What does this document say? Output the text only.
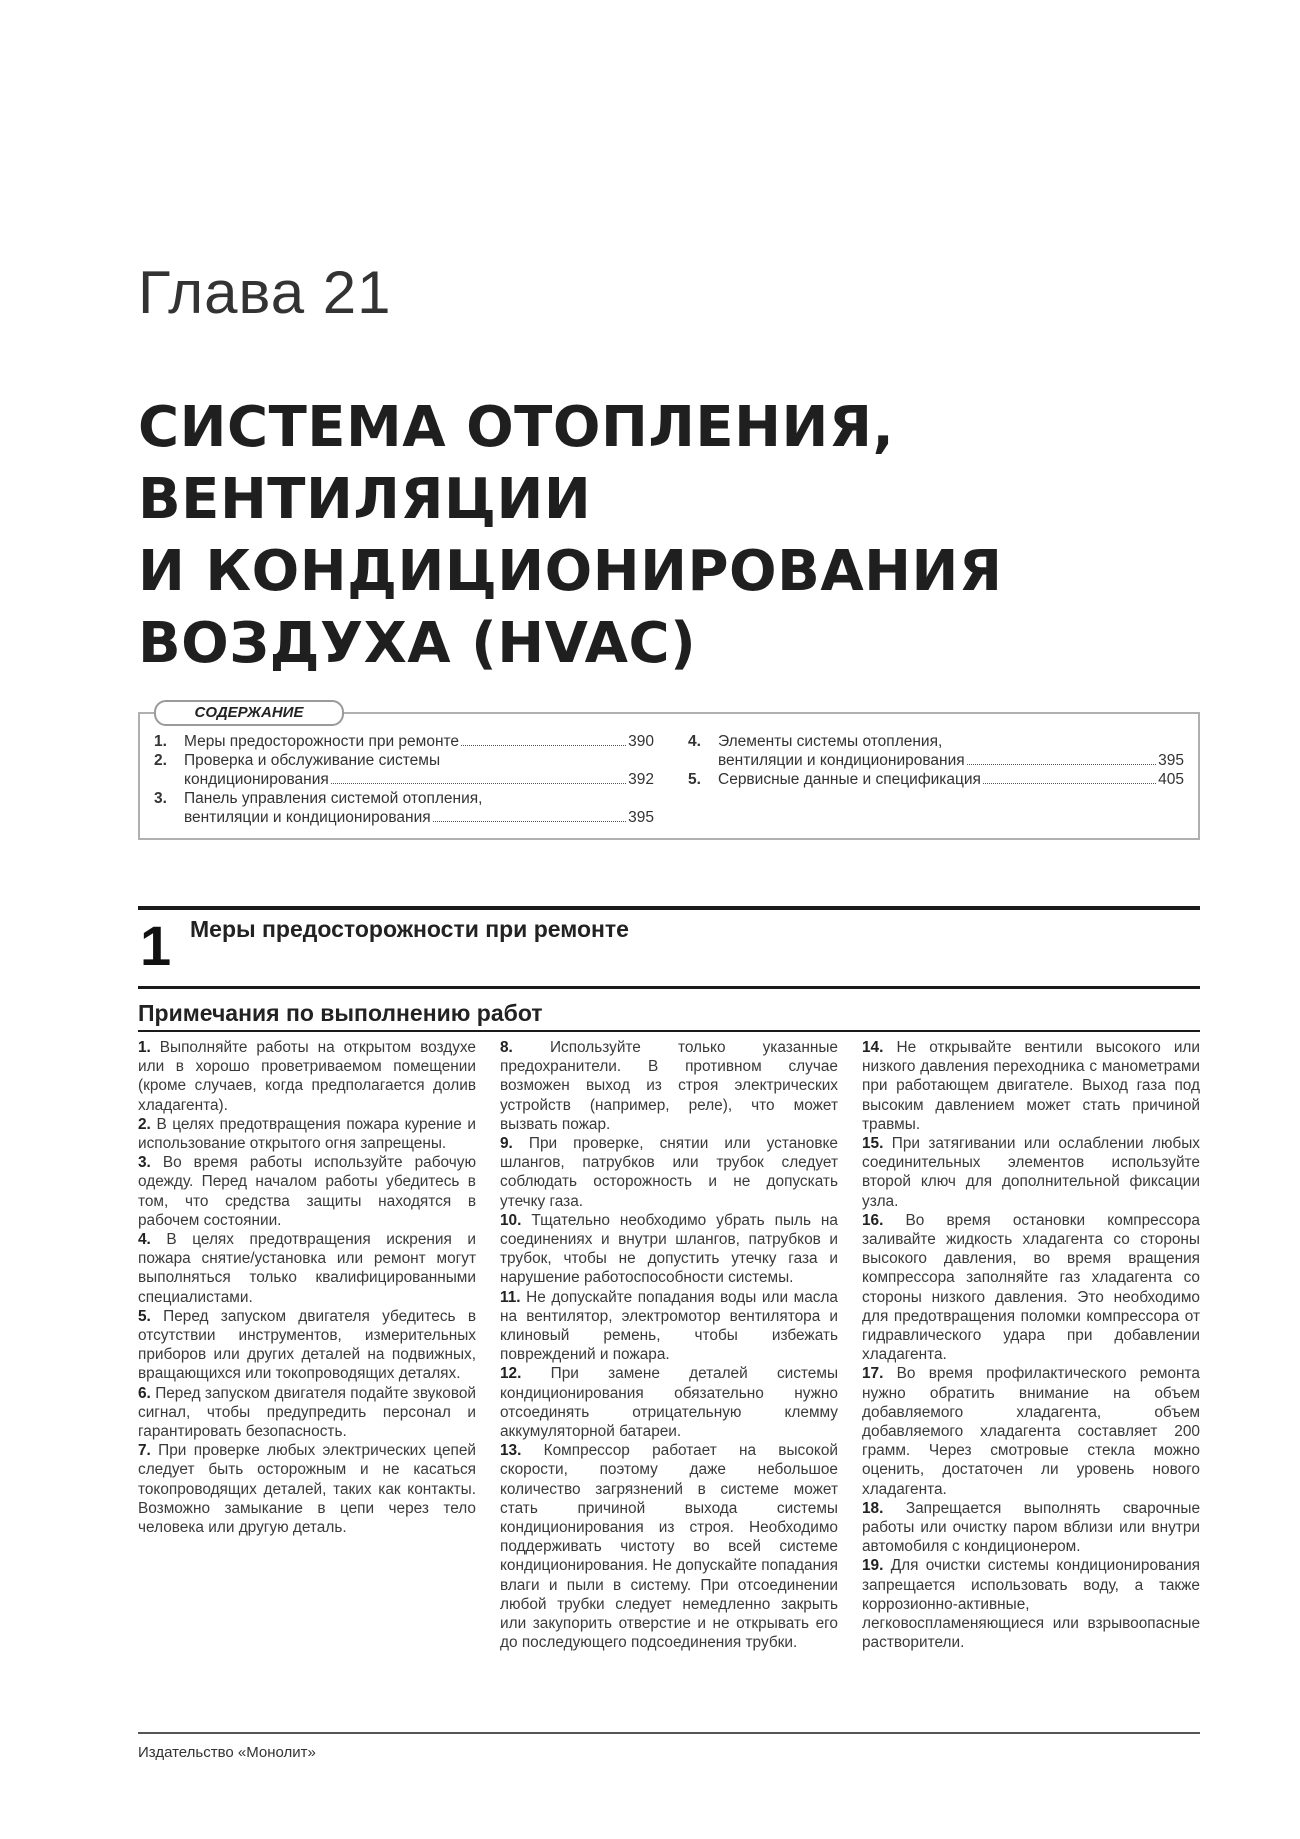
Глава 21
СИСТЕМА ОТОПЛЕНИЯ,
ВЕНТИЛЯЦИИ
И КОНДИЦИОНИРОВАНИЯ
ВОЗДУХА (HVAC)
СОДЕРЖАНИЕ
1.	Меры предосторожности при ремонте	390
2.	Проверка и обслуживание системы
кондиционирования	392
3.	Панель управления системой отопления,
вентиляции и кондиционирования	395
4.	Элементы системы отопления,
вентиляции и кондиционирования	395
5.	Сервисные данные и спецификация	405
1 Меры предосторожности при ремонте
Примечания по выполнению работ

1. Выполняйте работы на открытом воздухе или в хорошо проветриваемом помещении (кроме случаев, когда предполагается долив хладагента).

2. В целях предотвращения пожара курение и использование открытого огня запрещены.

3. Во время работы используйте рабочую одежду. Перед началом работы убедитесь в том, что средства защиты находятся в рабочем состоянии.

4. В целях предотвращения искрения и пожара снятие/установка или ремонт могут выполняться только квалифицированными специалистами.

5. Перед запуском двигателя убедитесь в отсутствии инструментов, измерительных приборов или других деталей на подвижных, вращающихся или токопроводящих деталях.

6. Перед запуском двигателя подайте звуковой сигнал, чтобы предупредить персонал и гарантировать безопасность.

7. При проверке любых электрических цепей следует быть осторожным и не касаться токопроводящих деталей, таких как контакты. Возможно замыкание в цепи через тело человека или другую деталь.

8. Используйте только указанные предохранители. В противном случае возможен выход из строя электрических устройств (например, реле), что может вызвать пожар.

9. При проверке, снятии или установке шлангов, патрубков или трубок следует соблюдать осторожность и не допускать утечку газа.

10. Тщательно необходимо убрать пыль на соединениях и внутри шлангов, патрубков и трубок, чтобы не допустить утечку газа и нарушение работоспособности системы.

11. Не допускайте попадания воды или масла на вентилятор, электромотор вентилятора и клиновый ремень, чтобы избежать повреждений и пожара.

12. При замене деталей системы кондиционирования обязательно нужно отсоединять отрицательную клемму аккумуляторной батареи.

13. Компрессор работает на высокой скорости, поэтому даже небольшое количество загрязнений в системе может стать причиной выхода системы кондиционирования из строя. Необходимо поддерживать чистоту во всей системе кондиционирования. Не допускайте попадания влаги и пыли в систему. При отсоединении любой трубки следует немедленно закрыть или закупорить отверстие и не открывать его до последующего подсоединения трубки.

14. Не открывайте вентили высокого или низкого давления переходника с манометрами при работающем двигателе. Выход газа под высоким давлением может стать причиной травмы.

15. При затягивании или ослаблении любых соединительных элементов используйте второй ключ для дополнительной фиксации узла.

16. Во время остановки компрессора заливайте жидкость хладагента со стороны высокого давления, во время вращения компрессора заполняйте газ хладагента со стороны низкого давления. Это необходимо для предотвращения поломки компрессора от гидравлического удара при добавлении хладагента.

17. Во время профилактического ремонта нужно обратить внимание на объем добавляемого хладагента, объем добавляемого хладагента составляет 200 грамм. Через смотровые стекла можно оценить, достаточен ли уровень нового хладагента.

18. Запрещается выполнять сварочные работы или очистку паром вблизи или внутри автомобиля с кондиционером.

19. Для очистки системы кондиционирования запрещается использовать воду, а также коррозионно-активные, легковоспламеняющиеся или взрывоопасные растворители.

Издательство «Монолит»
